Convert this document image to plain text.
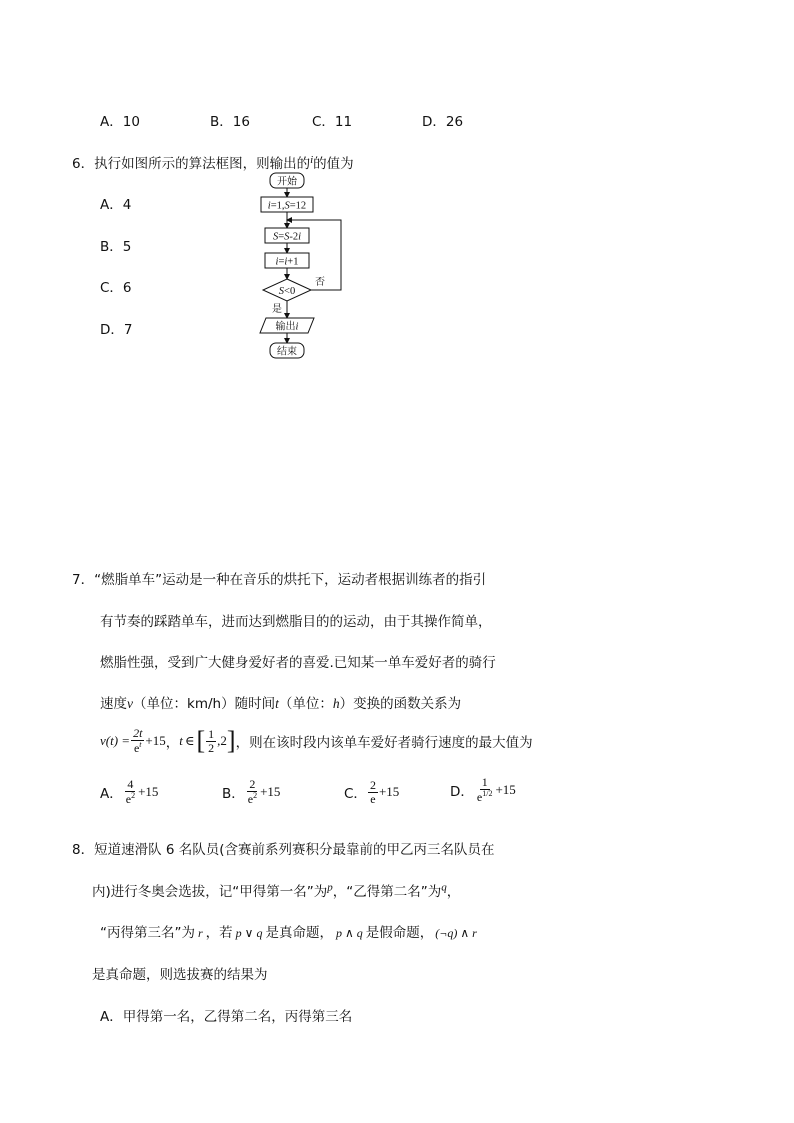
A．10	B．16	C．11	D．26
6．执行如图所示的算法框图，则输出的$^i$的值为
A．4
B．5
C．6
D．7
开始
i=1,S=12
S=S-2i
i=i+1
S<0
否
是
输出i
结束
7．“燃脂单车”运动是一种在音乐的烘托下，运动者根据训练者的指引
有节奏的踩踏单车，进而达到燃脂目的的运动，由于其操作简单，
燃脂性强，受到广大健身爱好者的喜爱.已知某一单车爱好者的骑行
速度v（单位：km/h）随时间t（单位：h）变换的函数关系为
$v(t) = \frac{2t}{e^t} +15$ ， t ∈ [ $\frac{1}{2} ,2$ ] ，则在该时段内该单车爱好者骑行速度的最大值为
A． $\frac{4}{e^2} +15$	B． $\frac{2}{e^2} +15$	C． $\frac{2}{e} +15$	D． $\frac{1}{e^{1/2}} +15$
8．短道速滑队 6 名队员(含赛前系列赛积分最靠前的甲乙丙三名队员在
内)进行冬奥会选拔，记“甲得第一名”为$^p$，“乙得第二名”为$^q$，
“丙得第三名”为 r ，若 p ∨ q 是真命题， p ∧ q 是假命题， (¬q) ∧ r
是真命题，则选拔赛的结果为
A．甲得第一名，乙得第二名，丙得第三名
